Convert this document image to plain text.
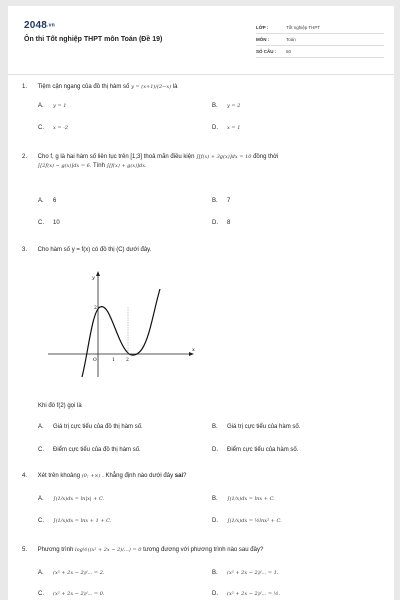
2048.vn
Ôn thi Tốt nghiệp THPT môn Toán (Đề 19)
LỚP :	Tốt nghiệp THPT
MÔN :	Toán
SỐ CÂU :	50
1. Tiệm cận ngang của đồ thị hàm số y = (x+1)/(2−x) là
A. y = 1	B. y = 2
C. x = -2	D. x = 1
2. Cho f, g là hai hàm số liên tục trên [1;3] thoả mãn điều kiện ∫[f(x) + 3g(x)]dx = 10 đồng thời
∫[2f(x) − g(x)]dx = 6. Tính ∫[f(x) + g(x)]dx.
A. 6	B. 7
C. 10	D. 8
3. Cho hàm số y = f(x) có đồ thị (C) dưới đây.
y
x
O	1 2
2
Khi đó f(2) gọi là
A. Giá trị cực tiểu của đồ thị hàm số.	B. Giá trị cực tiểu của hàm số.
C. Điểm cực tiểu của đồ thị hàm số.	D. Điểm cực tiểu của hàm số.
4. Xét trên khoảng (0; +∞) . Khẳng định nào dưới đây sai?
A. ∫(1/x)dx = ln|x| + C.	B. ∫(1/x)dx = lnx + C.
C. ∫(1/x)dx = lnx + 1 + C.	D. ∫(1/x)dx = ½lnx² + C.
5. Phương trình log½((x² + 2x − 2)/…) = 0 tương đương với phương trình nào sau đây?
A. (x² + 2x − 2)/… = 2.	B. (x² + 2x − 2)/… = 1.
C. (x² + 2x − 2)/… = 0.	D. (x² + 2x − 2)/… = ½.
